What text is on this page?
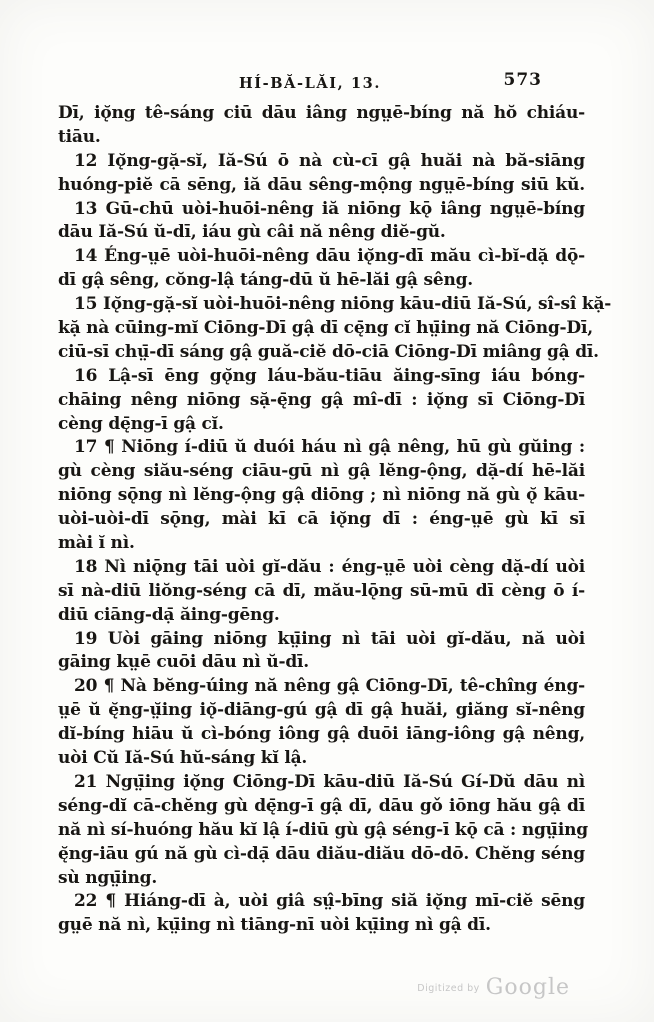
HÍ-BĂ-LĂI, 13.	573
Dī, iǫ̆ng tê-sáng ciū dāu iâng ngṳē-bíng nă hŏ chiáu-
tiāu.
12 Iǫ̆ng-gặ-sĭ, Iă-Sú ō nà cù-cī gậ huăi nà bă-siāng
huóng-piĕ cā sēng, iă dāu sêng-mộng ngṳē-bíng siū kŭ.
13 Gū-chū uòi-huōi-nêng iă niōng kǭ iâng ngṳē-bíng
dāu Iă-Sú ŭ-dī, iáu gù câi nă nêng diĕ-gŭ.
14 Éng-ṳē uòi-huōi-nêng dāu iǫ̆ng-dī mău cì-bĭ-dặ dǭ-
dī gậ sêng, cŏng-lậ táng-dū ŭ hē-lăi gậ sêng.
15 Iǫ̆ng-gặ-sĭ uòi-huōi-nêng niōng kāu-diū Iă-Sú, sî-sî kặ-
kặ nà cūing-mĭ Ciōng-Dī gậ dī cę̄ng cĭ hṳ̄ing nă Ciōng-Dī,
ciū-sī chṳ̄-dī sáng gậ guă-ciĕ dō-ciā Ciōng-Dī miâng gậ dī.
16 Lậ-sī ēng gǫ̆ng láu-bău-tiāu ăing-sīng iáu bóng-
chāing nêng niōng sặ-ę̄ng gậ mî-dī : iǫ̆ng sī Ciōng-Dī
cèng dę̄ng-ī gậ cĭ.
17 ¶ Niōng í-diū ŭ duói háu nì gậ nêng, hū gù gŭing :
gù cèng siău-séng ciāu-gū nì gậ lĕng-ộng, dặ-dí hē-lăi
niōng sǭng nì lĕng-ộng gậ diōng ; nì niōng nă gù ǫ̆ kāu-
uòi-uòi-dī sǭng, mài kī cā iǫ̆ng dī : éng-ṳē gù kī sī
mài ĭ nì.
18 Nì niǭng tāi uòi gĭ-dău : éng-ṳē uòi cèng dặ-dí uòi
sī nà-diū liŏng-séng cā dī, mău-lǭng sū-mū dī cèng ō í-
diū ciāng-dạ̄ ăing-gēng.
19 Uòi gāing niōng kṳ̄ing nì tāi uòi gĭ-dău, nă uòi
gāing kṳē cuōi dāu nì ŭ-dī.
20 ¶ Nà bĕng-úing nă nêng gậ Ciōng-Dī, tê-chîng éng-
ṳē ŭ ę̆ng-ṳ̆ing iǫ̆-diāng-gú gậ dī gậ huăi, giăng sĭ-nêng
dĭ-bíng hiāu ŭ cì-bóng iông gậ duōi iāng-iông gậ nêng,
uòi Cŭ Iă-Sú hŭ-sáng kĭ lậ.
21 Ngṳ̄ing iǫ̆ng Ciōng-Dī kāu-diū Iă-Sú Gí-Dŭ dāu nì
séng-dĭ cā-chĕng gù dę̄ng-ī gậ dī, dāu gǒ iōng hău gậ dī
nă nì sí-huóng hău kĭ lậ í-diū gù gậ séng-ī kǭ cā : ngṳ̄ing
ę̆ng-iāu gú nă gù cì-dạ̄ dāu diău-diău dō-dō. Chĕng séng
sù ngṳ̄ing.
22 ¶ Hiáng-dī à, uòi giâ sṳ̂-bīng siă iǫ̆ng mī-ciĕ sēng
gṳē nă nì, kṳ̄ing nì tiāng-nī uòi kṳ̄ing nì gậ dī.
Digitized by Google
